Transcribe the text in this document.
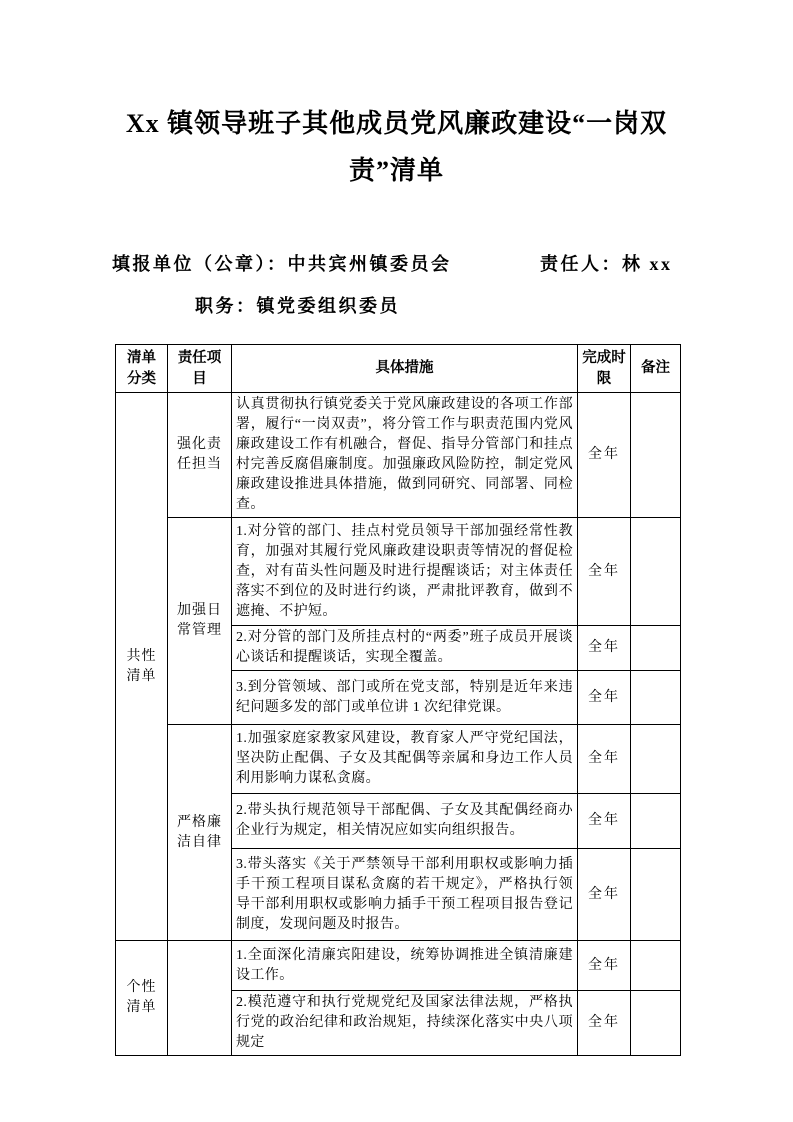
Xx 镇领导班子其他成员党风廉政建设“一岗双责”清单
填报单位（公章）：中共宾州镇委员会	责任人：林 xx
职务：镇党委组织委员
清单分类	责任项目	具体措施	完成时限	备注
共性清单	强化责任担当	认真贯彻执行镇党委关于党风廉政建设的各项工作部署，履行“一岗双责”，将分管工作与职责范围内党风廉政建设工作有机融合，督促、指导分管部门和挂点村完善反腐倡廉制度。加强廉政风险防控，制定党风廉政建设推进具体措施，做到同研究、同部署、同检查。	全年	
	加强日常管理	1.对分管的部门、挂点村党员领导干部加强经常性教育，加强对其履行党风廉政建设职责等情况的督促检查，对有苗头性问题及时进行提醒谈话；对主体责任落实不到位的及时进行约谈，严肃批评教育，做到不遮掩、不护短。	全年	
		2.对分管的部门及所挂点村的“两委”班子成员开展谈心谈话和提醒谈话，实现全覆盖。	全年	
		3.到分管领域、部门或所在党支部，特别是近年来违纪问题多发的部门或单位讲 1 次纪律党课。	全年	
	严格廉洁自律	1.加强家庭家教家风建设，教育家人严守党纪国法，坚决防止配偶、子女及其配偶等亲属和身边工作人员利用影响力谋私贪腐。	全年	
		2.带头执行规范领导干部配偶、子女及其配偶经商办企业行为规定，相关情况应如实向组织报告。	全年	
		3.带头落实《关于严禁领导干部利用职权或影响力插手干预工程项目谋私贪腐的若干规定》，严格执行领导干部利用职权或影响力插手干预工程项目报告登记制度，发现问题及时报告。	全年	
个性清单		1.全面深化清廉宾阳建设，统筹协调推进全镇清廉建设工作。	全年	
		2.模范遵守和执行党规党纪及国家法律法规，严格执行党的政治纪律和政治规矩，持续深化落实中央八项规定	全年	
